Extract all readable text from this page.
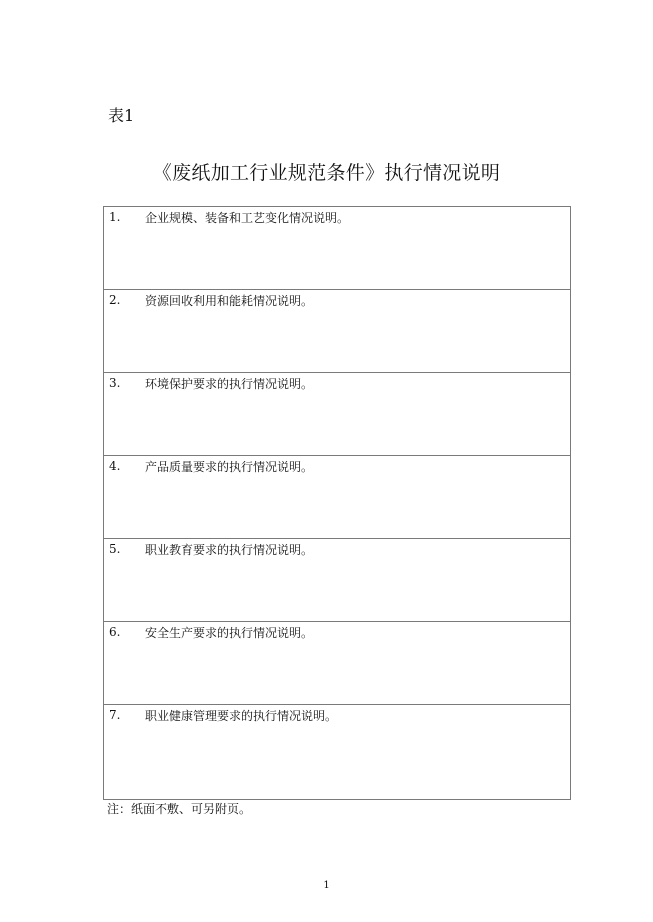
表1
《废纸加工行业规范条件》执行情况说明
1. 企业规模、装备和工艺变化情况说明。
2. 资源回收利用和能耗情况说明。
3. 环境保护要求的执行情况说明。
4. 产品质量要求的执行情况说明。
5. 职业教育要求的执行情况说明。
6. 安全生产要求的执行情况说明。
7. 职业健康管理要求的执行情况说明。
注：纸面不敷、可另附页。
1
